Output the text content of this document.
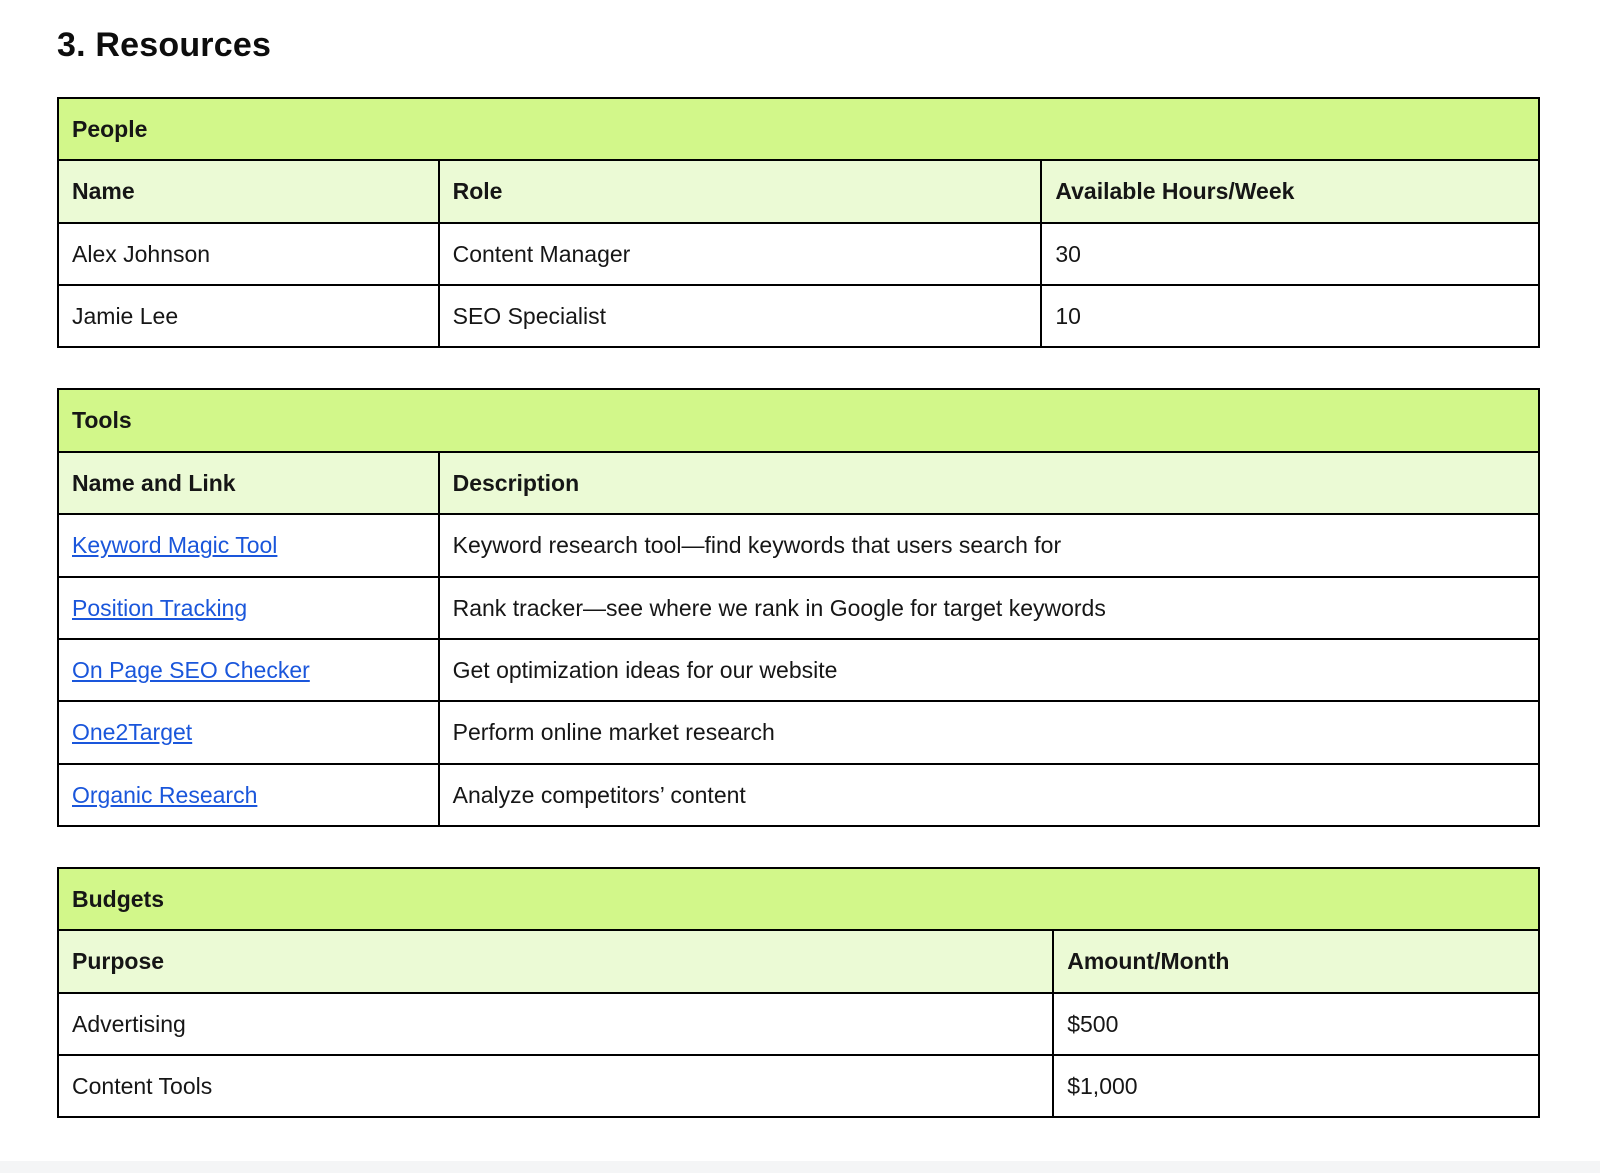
3. Resources
People		
Name	Role	Available Hours/Week
Alex Johnson	Content Manager	30
Jamie Lee	SEO Specialist	10
Tools	
Name and Link	Description
Keyword Magic Tool	Keyword research tool—find keywords that users search for
Position Tracking	Rank tracker—see where we rank in Google for target keywords
On Page SEO Checker	Get optimization ideas for our website
One2Target	Perform online market research
Organic Research	Analyze competitors’ content
Budgets	
Purpose	Amount/Month
Advertising	$500
Content Tools	$1,000
